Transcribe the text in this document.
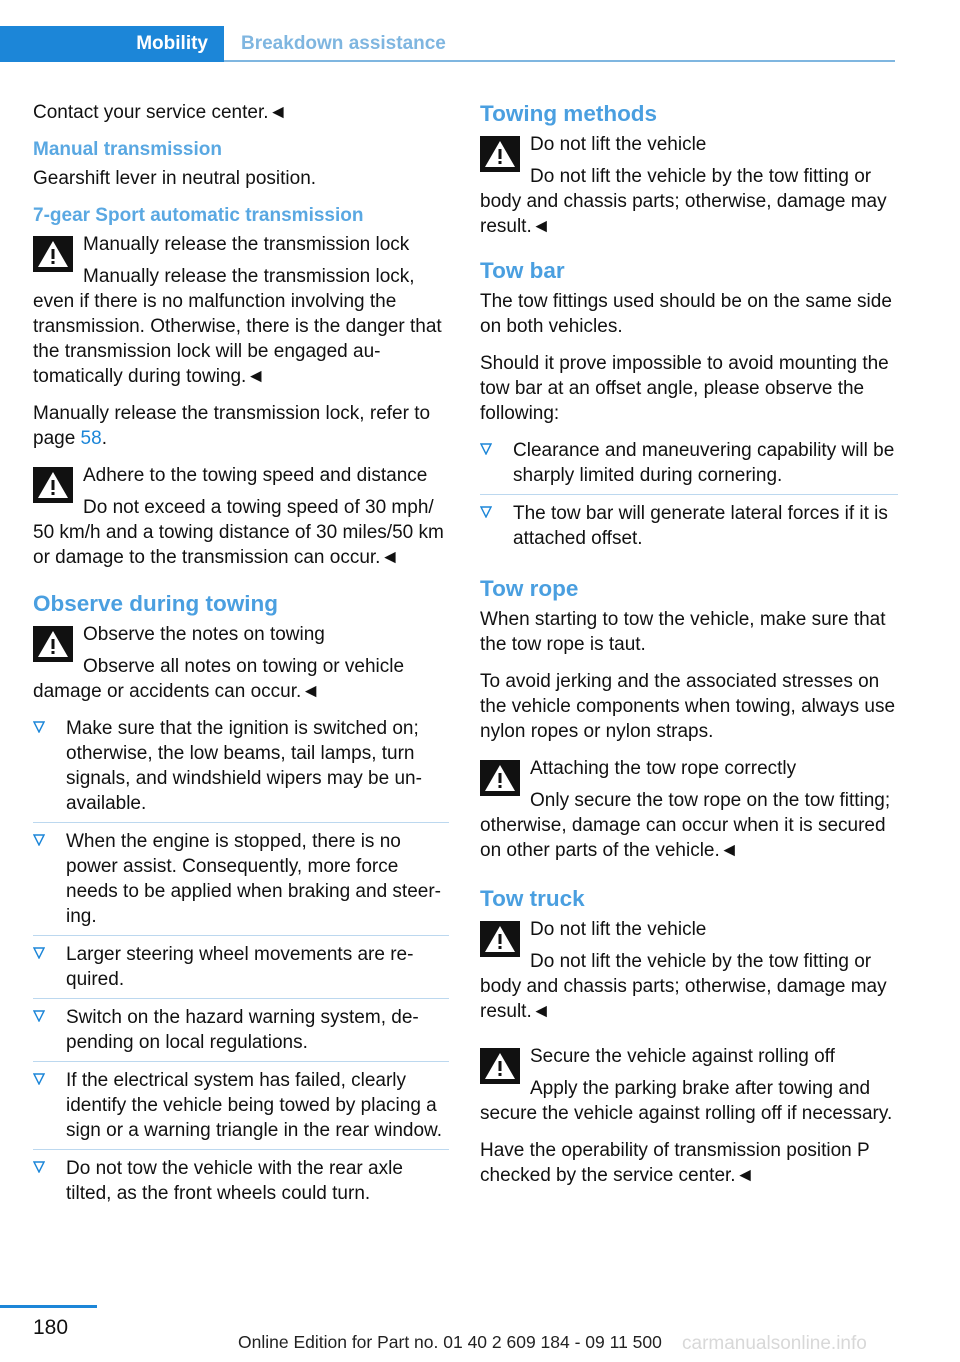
Mobility	Breakdown assistance

Contact your service center.◄

Manual transmission

Gearshift lever in neutral position.

7-gear Sport automatic transmission

Manually release the transmission lock

Manually release the transmission lock, even if there is no malfunction involving the transmission. Otherwise, there is the danger that the transmission lock will be engaged automatically during towing.◄

Manually release the transmission lock, refer to page 58.

Adhere to the towing speed and distance

Do not exceed a towing speed of 30 mph/ 50 km/h and a towing distance of 30 miles/50 km or damage to the transmission can occur.◄

Observe during towing

Observe the notes on towing

Observe all notes on towing or vehicle damage or accidents can occur.◄

Make sure that the ignition is switched on; otherwise, the low beams, tail lamps, turn signals, and windshield wipers may be unavailable.
When the engine is stopped, there is no power assist. Consequently, more force needs to be applied when braking and steering.
Larger steering wheel movements are required.
Switch on the hazard warning system, depending on local regulations.
If the electrical system has failed, clearly identify the vehicle being towed by placing a sign or a warning triangle in the rear window.
Do not tow the vehicle with the rear axle tilted, as the front wheels could turn.
Towing methods

Do not lift the vehicle

Do not lift the vehicle by the tow fitting or body and chassis parts; otherwise, damage may result.◄

Tow bar

The tow fittings used should be on the same side on both vehicles.

Should it prove impossible to avoid mounting the tow bar at an offset angle, please observe the following:

Clearance and maneuvering capability will be sharply limited during cornering.
The tow bar will generate lateral forces if it is attached offset.
Tow rope

When starting to tow the vehicle, make sure that the tow rope is taut.

To avoid jerking and the associated stresses on the vehicle components when towing, always use nylon ropes or nylon straps.

Attaching the tow rope correctly

Only secure the tow rope on the tow fitting; otherwise, damage can occur when it is secured on other parts of the vehicle.◄

Tow truck

Do not lift the vehicle

Do not lift the vehicle by the tow fitting or body and chassis parts; otherwise, damage may result.◄

Secure the vehicle against rolling off

Apply the parking brake after towing and secure the vehicle against rolling off if necessary.

Have the operability of transmission position P checked by the service center.◄

180
Online Edition for Part no. 01 40 2 609 184 - 09 11 500 carmanualsonline.info
